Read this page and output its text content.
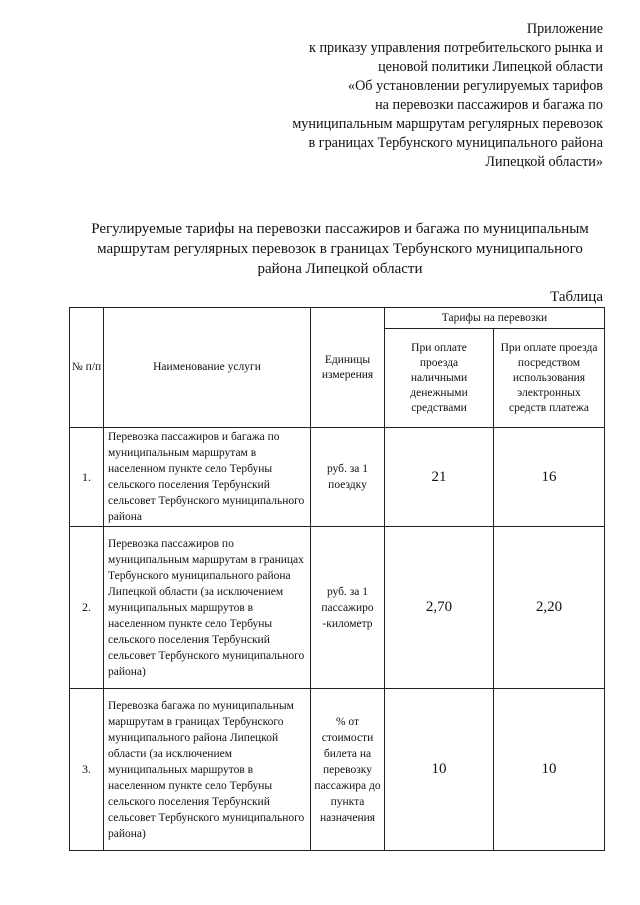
Приложение
к приказу управления потребительского рынка и
ценовой политики Липецкой области
«Об установлении регулируемых тарифов
на перевозки пассажиров и багажа по
муниципальным маршрутам регулярных перевозок
в границах Тербунского муниципального района
Липецкой области»
Регулируемые тарифы на перевозки пассажиров и багажа по муниципальным
маршрутам регулярных перевозок в границах Тербунского муниципального
района Липецкой области
Таблица
№ п/п	Наименование услуги	Единицы измерения	Тарифы на перевозки	
			При оплате проезда наличными денежными средствами	При оплате проезда посредством использования электронных средств платежа
1.	Перевозка пассажиров и багажа по муниципальным маршрутам в населенном пункте село Тербуны сельского поселения Тербунский сельсовет Тербунского муниципального района	руб. за 1 поездку	21	16
2.	Перевозка пассажиров по муниципальным маршрутам в границах Тербунского муниципального района Липецкой области (за исключением муниципальных маршрутов в населенном пункте село Тербуны сельского поселения Тербунский сельсовет Тербунского муниципального района)	руб. за 1 пассажиро -километр	2,70	2,20
3.	Перевозка багажа по муниципальным маршрутам в границах Тербунского муниципального района Липецкой области (за исключением муниципальных маршрутов в населенном пункте село Тербуны сельского поселения Тербунский сельсовет Тербунского муниципального района)	% от стоимости билета на перевозку пассажира до пункта назначения	10	10
